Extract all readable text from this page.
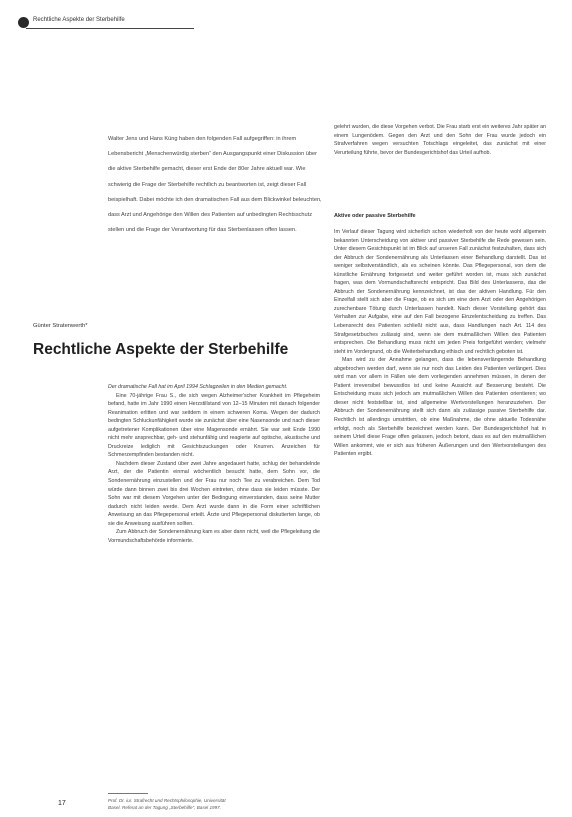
Rechtliche Aspekte der Sterbehilfe
Walter Jens und Hans Küng haben den folgenden Fall aufgegriffen: in ihrem Lebensbericht „Menschenwürdig sterben“ den Ausgangspunkt einer Diskussion über die aktive Sterbehilfe gemacht, dieser erst Ende der 80er Jahre aktuell war. Wie schwierig die Frage der Sterbehilfe rechtlich zu beantworten ist, zeigt dieser Fall beispielhaft. Dabei möchte ich den dramatischen Fall aus dem Blickwinkel beleuchten, dass Arzt und Angehörige den Willen des Patienten auf unbedingten Rechtsschutz stellen und die Frage der Verantwortung für das Sterbenlassen offen lassen.
Günter Stratenwerth*
Rechtliche Aspekte der Sterbehilfe

Der dramatische Fall hat im April 1994 Schlagzeilen in den Medien gemacht.

Eine 70-jährige Frau S., die sich wegen Alzheimer'scher Krankheit im Pflegeheim befand, hatte im Jahr 1990 einen Herzstillstand von 12–15 Minuten mit danach folgender Reanimation erlitten und war seitdem in einem schweren Koma. Wegen der dadurch bedingten Schluckunfähigkeit wurde sie zunächst über eine Nasensonde und nach dieser aufgetretener Komplikationen über eine Magensonde ernährt. Sie war seit Ende 1990 nicht mehr ansprechbar, geh- und stehunfähig und reagierte auf optische, akustische und Druckreize lediglich mit Gesichtszuckungen oder Knurren. Anzeichen für Schmerzempfinden bestanden nicht.

Nachdem dieser Zustand über zwei Jahre angedauert hatte, schlug der behandelnde Arzt, der die Patientin einmal wöchentlich besucht hatte, dem Sohn vor, die Sondenernährung einzustellen und der Frau nur noch Tee zu verabreichen. Dem Tod würde dann binnen zwei bis drei Wochen eintreten, ohne dass sie leiden müsste. Der Sohn war mit diesem Vorgehen unter der Bedingung einverstanden, dass seine Mutter dadurch nicht leiden werde. Dem Arzt wurde dann in die Form einer schriftlichen Anweisung an das Pflegepersonal erteilt. Ärzte und Pflegepersonal diskutierten lange, ob sie die Anweisung ausführen sollten.

Zum Abbruch der Sondenernährung kam es aber dann nicht, weil die Pflegeleitung die Vormundschaftsbehörde informierte.

gelehrt wurden, die diese Vorgehen verbot. Die Frau starb erst ein weiteres Jahr später an einem Lungenödem. Gegen den Arzt und den Sohn der Frau wurde jedoch ein Strafverfahren wegen versuchten Totschlags eingeleitet, das zunächst mit einer Verurteilung führte, bevor der Bundesgerichtshof das Urteil aufhob.
Aktive oder passive Sterbehilfe

Im Verlauf dieser Tagung wird sicherlich schon wiederholt von der heute wohl allgemein bekannten Unterscheidung von aktiver und passiver Sterbehilfe die Rede gewesen sein. Unter diesem Gesichtspunkt ist im Blick auf unseren Fall zunächst festzuhalten, dass sich der Abbruch der Sondenernährung als Unterlassen einer Behandlung darstellt. Das ist weniger selbstverständlich, als es scheinen könnte. Das Pflegepersonal, von dem die künstliche Ernährung fortgesetzt und weiter geführt worden ist, muss sich zunächst fragen, was dem Vormundschaftsrecht entspricht. Das Bild des Unterlassens, das die Abbruch der Sondenernährung kennzeichnet, ist das der aktiven Handlung. Für den Einzelfall stellt sich aber die Frage, ob es sich um eine dem Arzt oder den Angehörigen zurechenbare Tötung durch Unterlassen handelt. Nach dieser Vorstellung gehört das Verhalten zur Aufgabe, eine auf den Fall bezogene Einzelentscheidung zu treffen. Das Lebensrecht des Patienten schließt nicht aus, dass Handlungen nach Art. 114 des Strafgesetzbuches zulässig sind, wenn sie dem mutmaßlichen Willen des Patienten entsprechen. Die Behandlung muss nicht um jeden Preis fortgeführt werden; vielmehr steht im Vordergrund, ob die Weiterbehandlung ethisch und rechtlich geboten ist.

Man wird zu der Annahme gelangen, dass die lebensverlängernde Behandlung abgebrochen werden darf, wenn sie nur noch das Leiden des Patienten verlängert. Dies wird man vor allem in Fällen wie dem vorliegenden annehmen müssen, in denen der Patient irreversibel bewusstlos ist und keine Aussicht auf Besserung besteht. Die Entscheidung muss sich jedoch am mutmaßlichen Willen des Patienten orientieren; wo dieser nicht feststellbar ist, sind allgemeine Wertvorstellungen heranzuziehen. Der Abbruch der Sondenernährung stellt sich dann als zulässige passive Sterbehilfe dar. Rechtlich ist allerdings umstritten, ob eine Maßnahme, die ohne aktuelle Todesnähe erfolgt, noch als Sterbehilfe bezeichnet werden kann. Der Bundesgerichtshof hat in seinem Urteil diese Frage offen gelassen, jedoch betont, dass es auf den mutmaßlichen Willen ankommt, wie er sich aus früheren Äußerungen und den Wertvorstellungen des Patienten ergibt.

Prof. Dr. iur. Strafrecht und Rechtsphilosophie, Universität Basel. Referat an der Tagung „Sterbehilfe“, Basel 1997.
17
